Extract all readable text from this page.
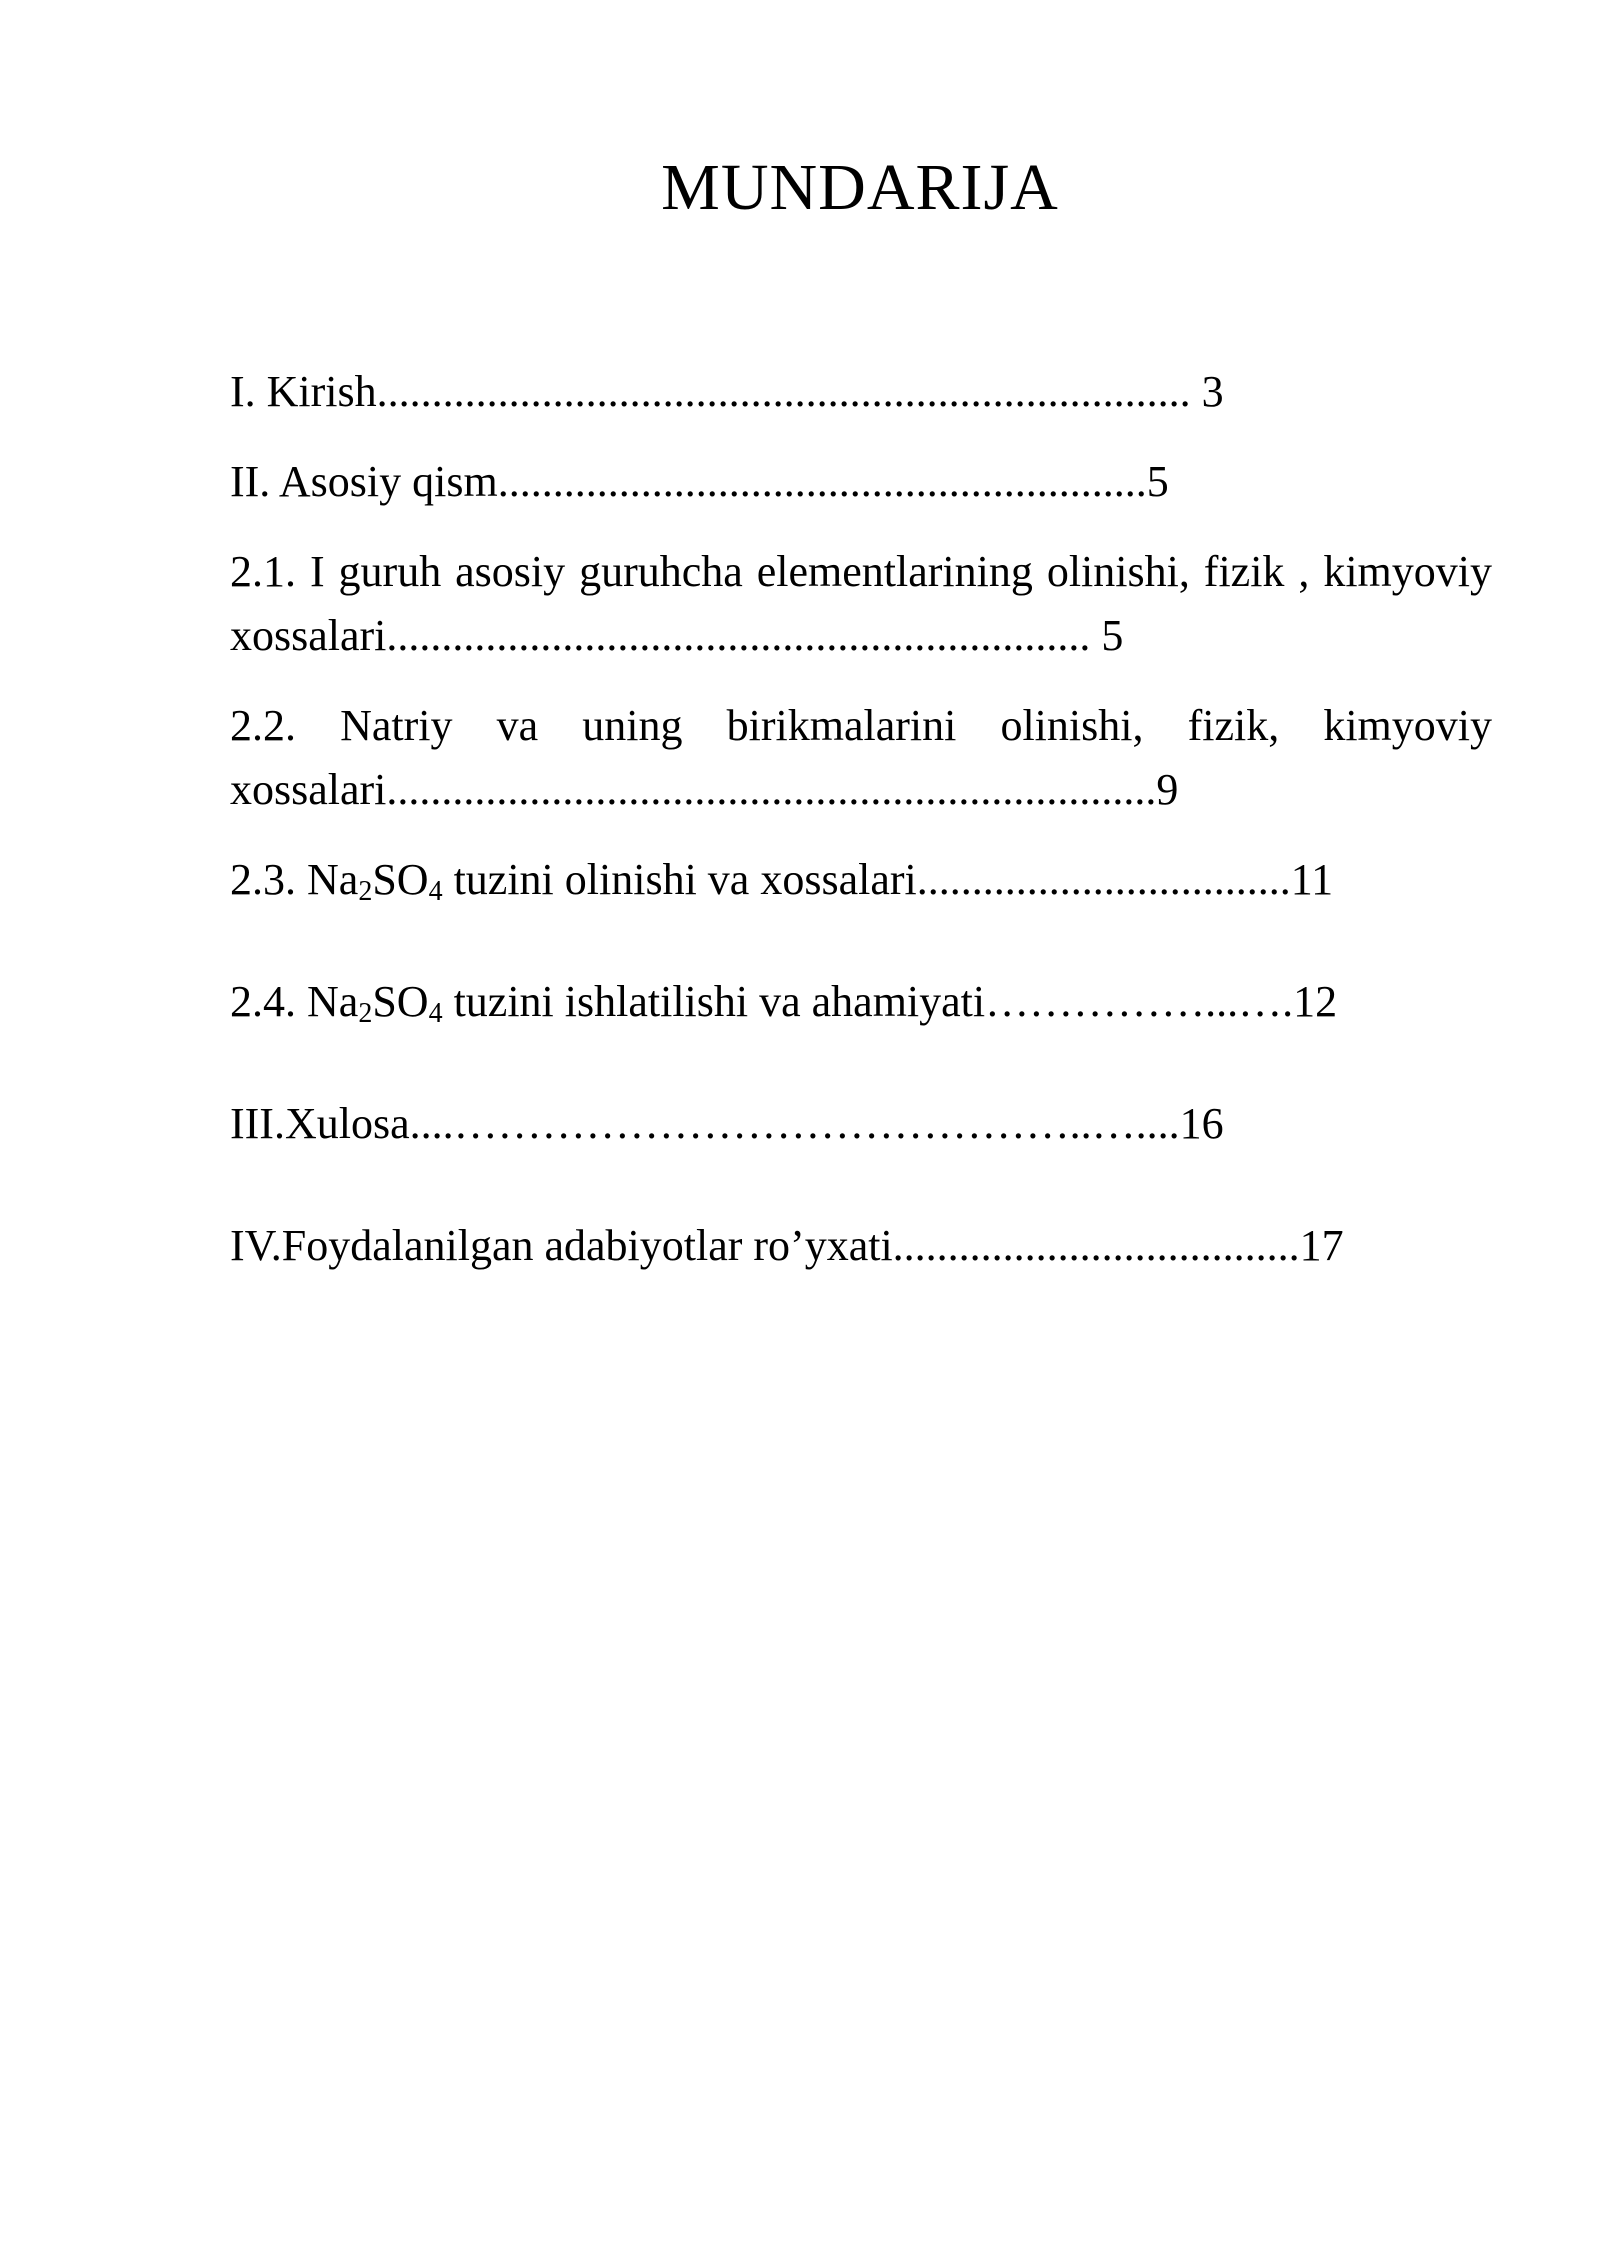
MUNDARIJA

I. Kirish.......................................................................... 3

II. Asosiy qism...........................................................5

2.1. I guruh asosiy guruhcha elementlarining olinishi, fizik , kimyoviy xossalari................................................................ 5

2.2. Natriy va uning birikmalarini olinishi, fizik, kimyoviy xossalari......................................................................9

2.3. $Na_2SO_4$ tuzini olinishi va xossalari..................................11

2.4. $Na_2SO_4$ tuzini ishlatilishi va ahamiyati……………...….12

III.Xulosa....……………………………………..…....16

IV.Foydalanilgan adabiyotlar ro’yxati.....................................17
